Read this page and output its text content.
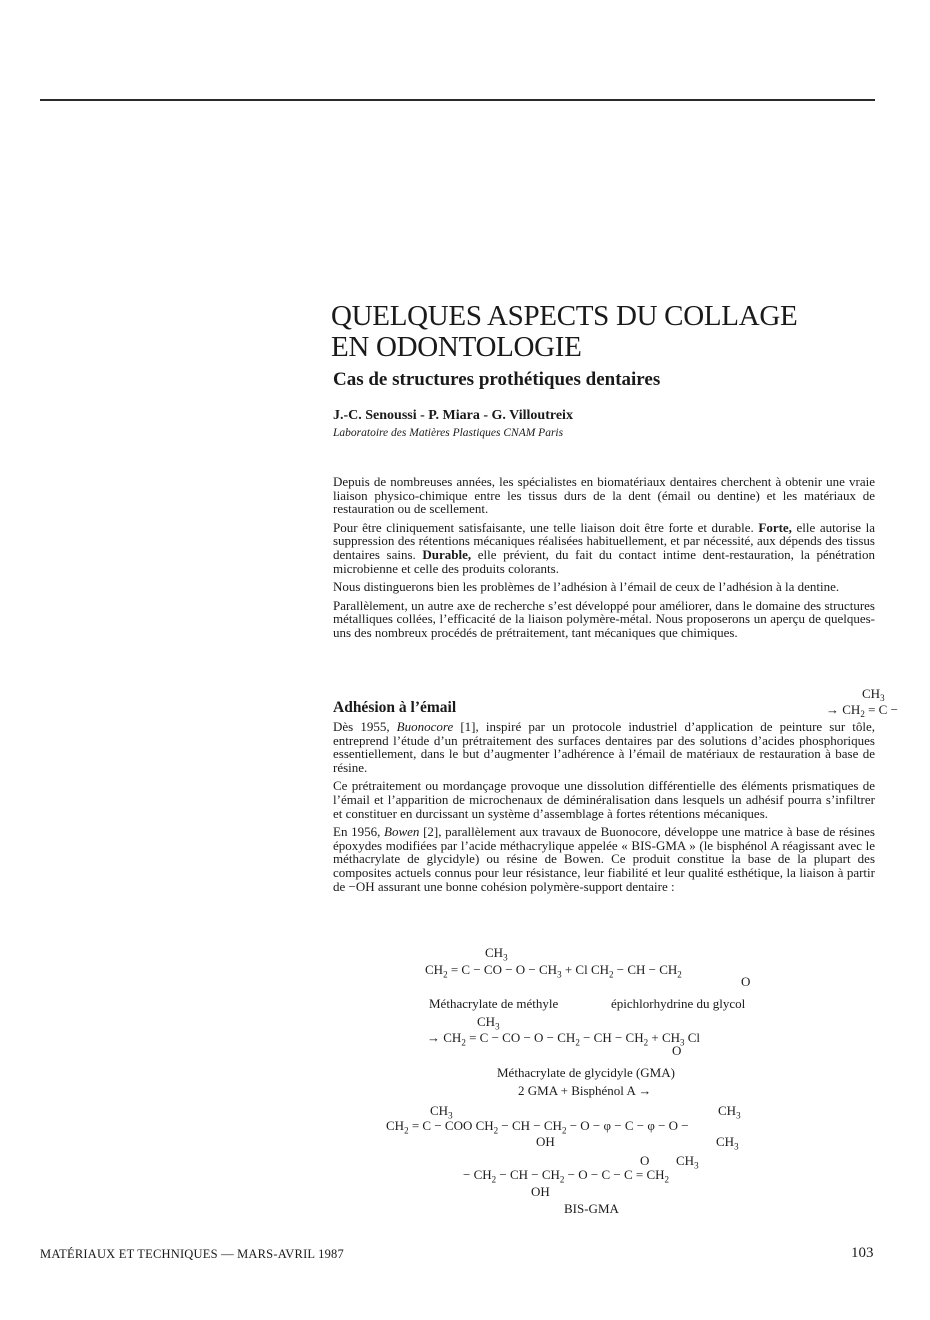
QUELQUES ASPECTS DU COLLAGE
EN ODONTOLOGIE
Cas de structures prothétiques dentaires
J.-C. Senoussi - P. Miara - G. Villoutreix
Laboratoire des Matières Plastiques CNAM Paris

Depuis de nombreuses années, les spécialistes en biomatériaux dentaires cherchent à obtenir une vraie liaison physico-chimique entre les tissus durs de la dent (émail ou dentine) et les matériaux de restauration ou de scellement.

Pour être cliniquement satisfaisante, une telle liaison doit être forte et durable. Forte, elle autorise la suppression des rétentions mécaniques réalisées habituellement, et par nécessité, aux dépends des tissus dentaires sains. Durable, elle prévient, du fait du contact intime dent-restauration, la pénétration microbienne et celle des produits colorants.

Nous distinguerons bien les problèmes de l’adhésion à l’émail de ceux de l’adhésion à la dentine.

Parallèlement, un autre axe de recherche s’est développé pour améliorer, dans le domaine des structures métalliques collées, l’efficacité de la liaison polymère-métal. Nous proposerons un aperçu de quelques-uns des nombreux procédés de prétraitement, tant mécaniques que chimiques.

Adhésion à l’émail

Dès 1955, Buonocore [1], inspiré par un protocole industriel d’application de peinture sur tôle, entreprend l’étude d’un prétraitement des surfaces dentaires par des solutions d’acides phosphoriques essentiellement, dans le but d’augmenter l’adhérence à l’émail de matériaux de restauration à base de résine.

Ce prétraitement ou mordançage provoque une dissolution différentielle des éléments prismatiques de l’émail et l’apparition de microchenaux de déminéralisation dans lesquels un adhésif pourra s’infiltrer et constituer en durcissant un système d’assemblage à fortes rétentions mécaniques.

En 1956, Bowen [2], parallèlement aux travaux de Buonocore, développe une matrice à base de résines époxydes modifiées par l’acide méthacrylique appelée « BIS-GMA » (le bisphénol A réagissant avec le méthacrylate de glycidyle) ou résine de Bowen. Ce produit constitue la base de la plupart des composites actuels connus pour leur résistance, leur fiabilité et leur qualité esthétique, la liaison à partir de −OH assurant une bonne cohésion polymère-support dentaire :

$CH_3$
→ $CH_2 = C$ −
$CH_3$
$CH_2 = C$ − CO − $O - CH_3 + Cl$ $CH_2$ − CH − $CH_2$	O
Méthacrylate de méthyle	épichlorhydrine du glycol
$CH_3$
→ $CH_2 = C$ − CO − $O - CH_2$ − CH − $CH_2 + CH_3$ Cl
O
Méthacrylate de glycidyle (GMA)
2 GMA + Bisphénol A →
$CH_3$	$CH_3$
$CH_2 = C$ − COO $CH_2$ − CH − $CH_2 - O - \varphi - C - \varphi - O$ −
OH	$CH_3$
O $CH_3$
− $CH_2$ − CH − $CH_2 - O - C - C = CH_2$
OH
BIS-GMA
MATÉRIAUX ET TECHNIQUES — MARS-AVRIL 1987	103
